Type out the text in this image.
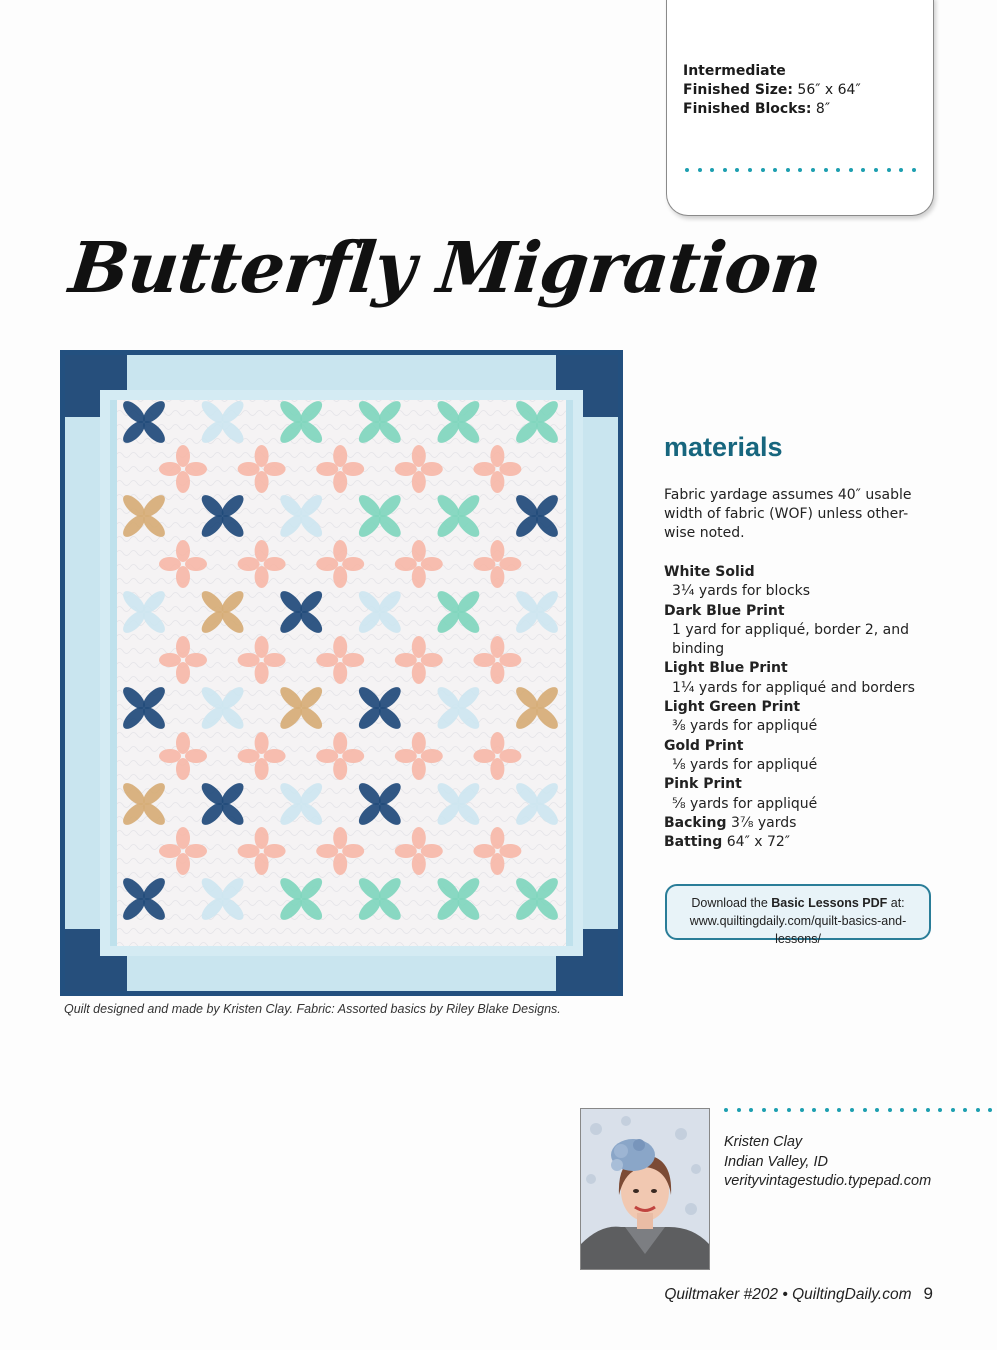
Intermediate
Finished Size: 56″ x 64″
Finished Blocks: 8″
Butterfly Migration
Quilt designed and made by Kristen Clay. Fabric: Assorted basics by Riley Blake Designs.
materials
Fabric yardage assumes 40″ usable width of fabric (WOF) unless other-wise noted.
White Solid
3¼ yards for blocks
Dark Blue Print
1 yard for appliqué, border 2, and binding
Light Blue Print
1¼ yards for appliqué and borders
Light Green Print
⅜ yards for appliqué
Gold Print
⅛ yards for appliqué
Pink Print
⅝ yards for appliqué
Backing 3⅞ yards
Batting 64″ x 72″
Download the Basic Lessons PDF at:
www.quiltingdaily.com/quilt-basics-and-lessons/
Kristen Clay
Indian Valley, ID
verityvintagestudio.typepad.com
Quiltmaker #202 • QuiltingDaily.com 9
